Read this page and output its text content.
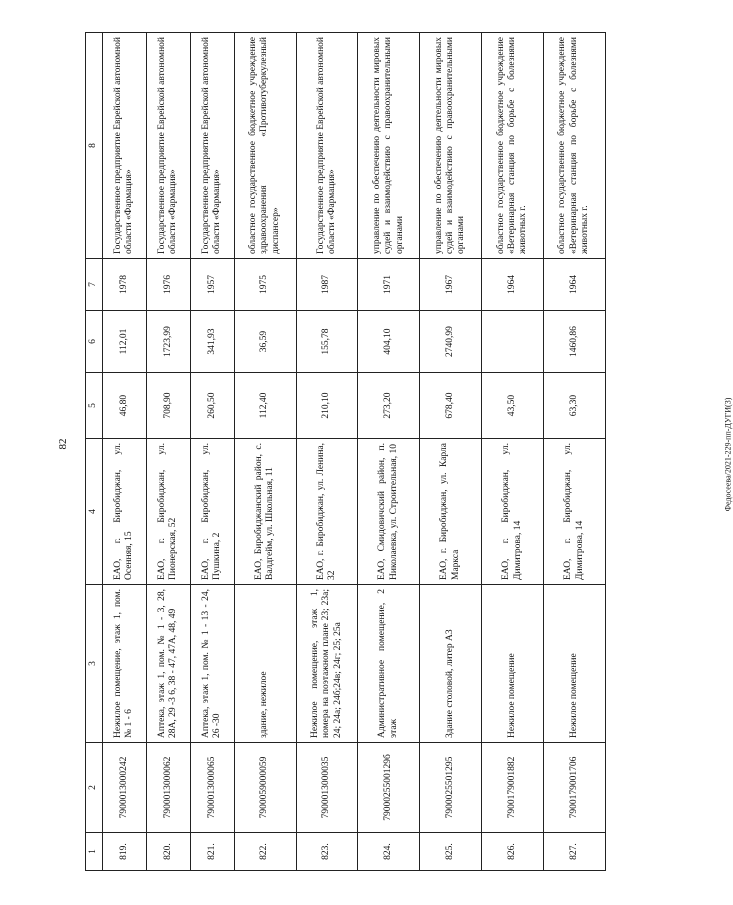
82	Федосеева/2021-229-пп-ДУГИ(3)
1	2	3	4	5	6	7	8
819.	7900013000242	Нежилое помещение, этаж 1, пом. № 1 - 6	ЕАО, г. Биробиджан, ул. Осенняя, 15	46,80	112,01	1978	Государственное предприятие Еврейской автономной области «Фармация»
820.	7900013000062	Аптека, этаж 1, пом. № 1 - 3, 28, 28А, 29 -3 6, 38 - 47, 47А, 48, 49	ЕАО, г. Биробиджан, ул. Пионерская, 52	708,90	1723,99	1976	Государственное предприятие Еврейской автономной области «Фармация»
821.	7900013000065	Аптека, этаж 1, пом. № 1 - 13 - 24, 26 -30	ЕАО, г. Биробиджан, ул. Пушкина, 2	260,50	341,93	1957	Государственное предприятие Еврейской автономной области «Фармация»
822.	7900059000059	здание, нежилое	ЕАО, Биробиджанский район, с. Валдгейм, ул. Школьная, 11	112,40	36,59	1975	областное государственное бюджетное учреждение здравоохранения «Противотуберкулезный диспансер»
823.	7900013000035	Нежилое помещение, этаж 1, номера на поэтажном плане 23; 23а; 24; 24а; 24б;24в; 24г; 25; 25а	ЕАО, г. Биробиджан, ул. Ленина, 32	210,10	155,78	1987	Государственное предприятие Еврейской автономной области «Фармация»
824.	7900025500129б	Административное помещение, 2 этаж	ЕАО, Смидовичский район, п. Николаевка, ул. Строительная, 10	273,20	404,10	1971	управление по обеспечению деятельности мировых судей и взаимодействию с правоохранительными органами
825.	7900025501295	Здание столовой, литер А3	ЕАО, г. Биробиджан, ул. Карла Маркса	678,40	2740,99	1967	управление по обеспечению деятельности мировых судей и взаимодействию с правоохранительными органами
826.	7900179001882	Нежилое помещение	ЕАО, г. Биробиджан, ул. Димитрова, 14	43,50		1964	областное государственное бюджетное учреждение «Ветеринарная станция по борьбе с болезнями животных г.
827.	7900179001706	Нежилое помещение	ЕАО, г. Биробиджан, ул. Димитрова, 14	63,30	1460,86	1964	областное государственное бюджетное учреждение «Ветеринарная станция по борьбе с болезнями животных г.
